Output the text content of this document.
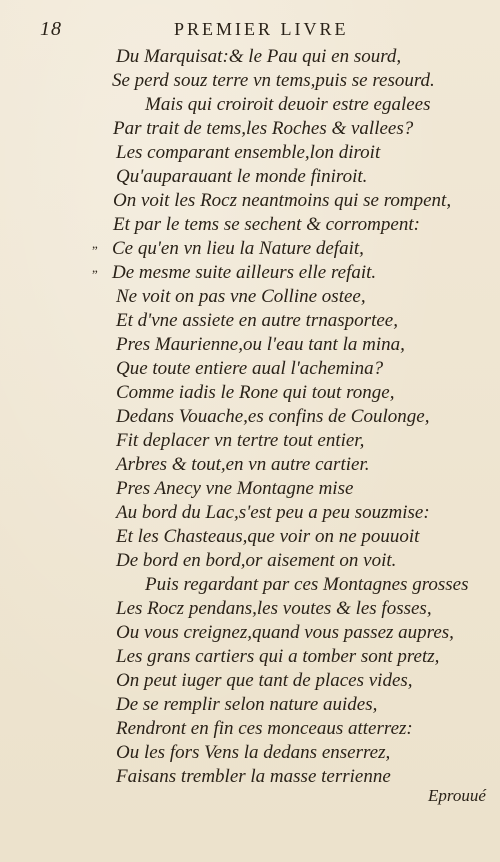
18	PREMIER LIVRE
Du Marquisat:& le Pau qui en sourd,
Se perd souz terre vn tems,puis se resourd.
Mais qui croiroit deuoir estre egalees
Par trait de tems,les Roches & vallees?
Les comparant ensemble,lon diroit
Qu'auparauant le monde finiroit.
On voit les Rocz neantmoins qui se rompent,
Et par le tems se sechent & corrompent:
Ce qu'en vn lieu la Nature defait,
”
De mesme suite ailleurs elle refait.
”
Ne voit on pas vne Colline ostee,
Et d'vne assiete en autre trnasportee,
Pres Maurienne,ou l'eau tant la mina,
Que toute entiere aual l'achemina?
Comme iadis le Rone qui tout ronge,
Dedans Vouache,es confins de Coulonge,
Fit deplacer vn tertre tout entier,
Arbres & tout,en vn autre cartier.
Pres Anecy vne Montagne mise
Au bord du Lac,s'est peu a peu souzmise:
Et les Chasteaus,que voir on ne pouuoit
De bord en bord,or aisement on voit.
Puis regardant par ces Montagnes grosses
Les Rocz pendans,les voutes & les fosses,
Ou vous creignez,quand vous passez aupres,
Les grans cartiers qui a tomber sont pretz,
On peut iuger que tant de places vides,
De se remplir selon nature auides,
Rendront en fin ces monceaus atterrez:
Ou les fors Vens la dedans enserrez,
Faisans trembler la masse terrienne
Eprouué
